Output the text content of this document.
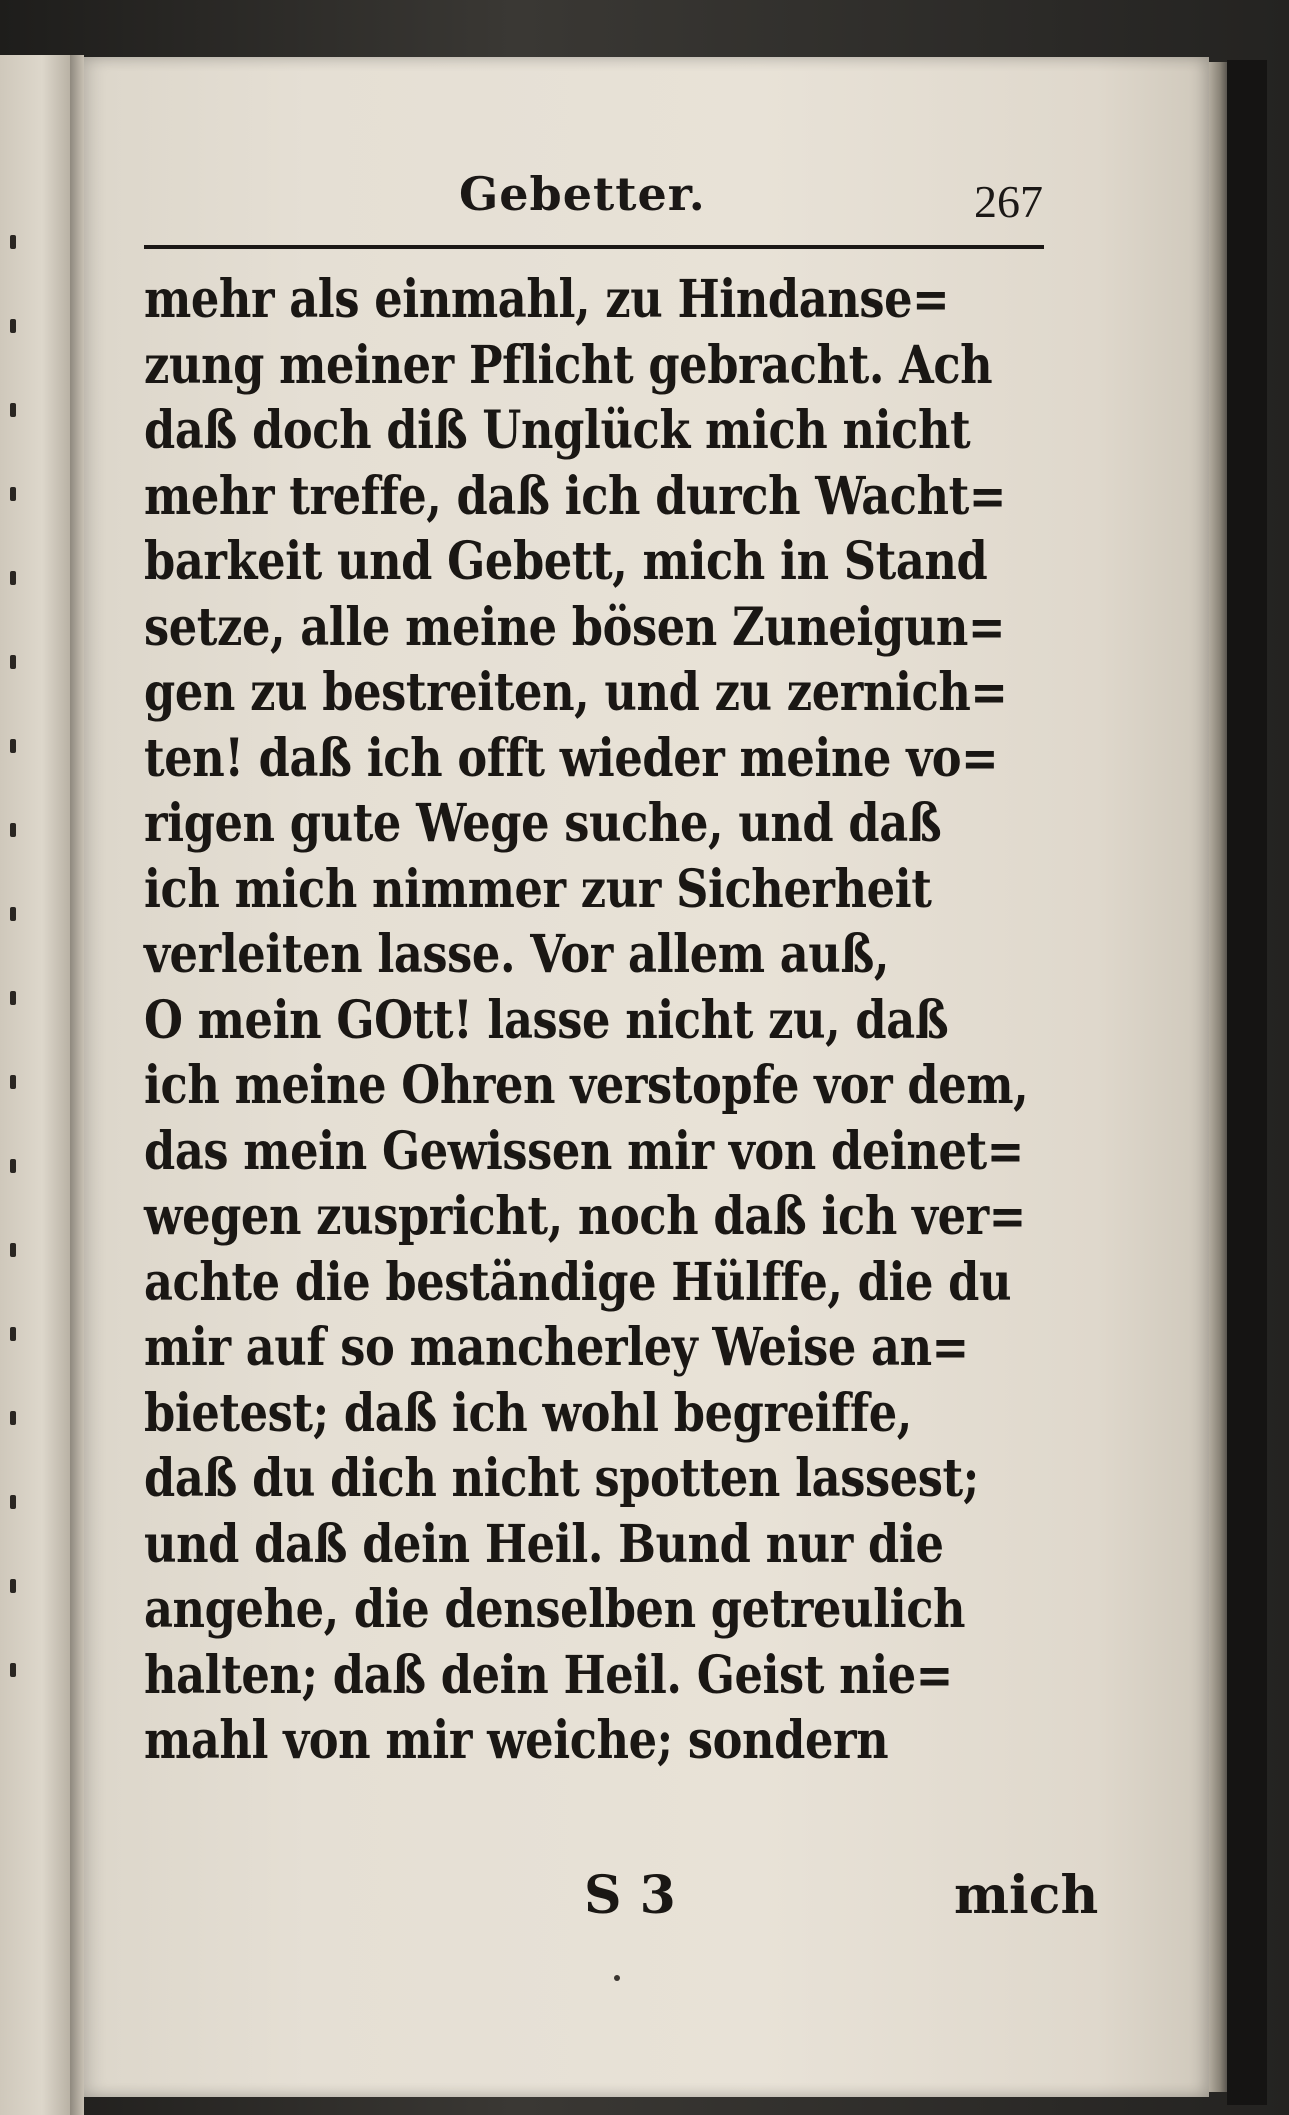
Gebetter.	267
mehr als einmahl, zu Hindanse=
zung meiner Pflicht gebracht. Ach
daß doch diß Unglück mich nicht
mehr treffe, daß ich durch Wacht=
barkeit und Gebett, mich in Stand
setze, alle meine bösen Zuneigun=
gen zu bestreiten, und zu zernich=
ten! daß ich offt wieder meine vo=
rigen gute Wege suche, und daß
ich mich nimmer zur Sicherheit
verleiten lasse. Vor allem auß,
O mein GOtt! lasse nicht zu, daß
ich meine Ohren verstopfe vor dem,
das mein Gewissen mir von deinet=
wegen zuspricht, noch daß ich ver=
achte die beständige Hülffe, die du
mir auf so mancherley Weise an=
bietest; daß ich wohl begreiffe,
daß du dich nicht spotten lassest;
und daß dein Heil. Bund nur die
angehe, die denselben getreulich
halten; daß dein Heil. Geist nie=
mahl von mir weiche; sondern
S 3	mich
